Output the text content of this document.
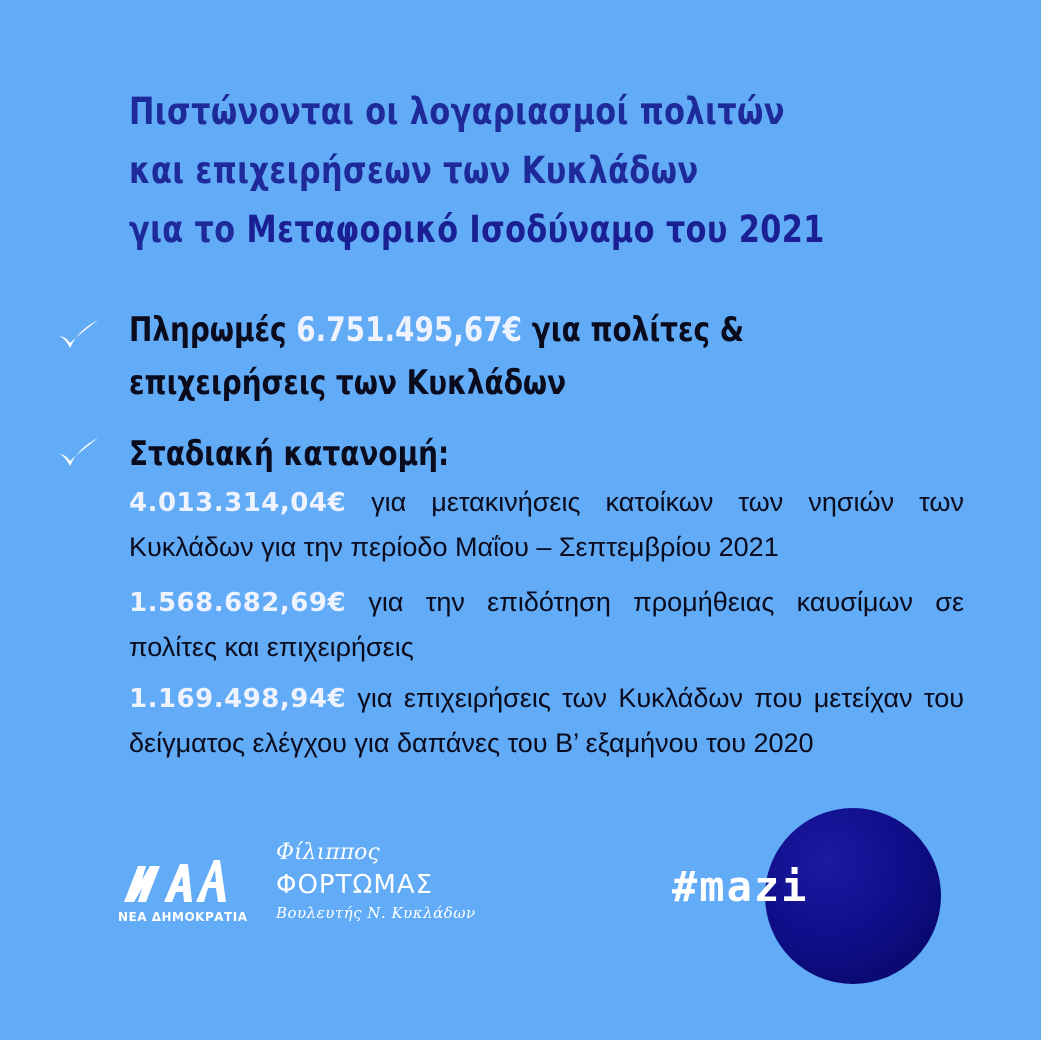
Πιστώνονται οι λογαριασμοί πολιτών
και επιχειρήσεων των Κυκλάδων
για το Μεταφορικό Ισοδύναμο του 2021
Πληρωμές 6.751.495,67€ για πολίτες &
επιχειρήσεις των Κυκλάδων
Σταδιακή κατανομή:
4.013.314,04€ για μετακινήσεις κατοίκων των νησιών των Κυκλάδων για την περίοδο Μαΐου – Σεπτεμβρίου 2021
1.568.682,69€ για την επιδότηση προμήθειας καυσίμων σε πολίτες και επιχειρήσεις
1.169.498,94€ για επιχειρήσεις των Κυκλάδων που μετείχαν του δείγματος ελέγχου για δαπάνες του Β’ εξαμήνου του 2020
ΝΕΑ ΔΗΜΟΚΡΑΤΙΑ
Φίλιππος
ΦΟΡΤΩΜΑΣ
Βουλευτής Ν. Κυκλάδων
#mazi
